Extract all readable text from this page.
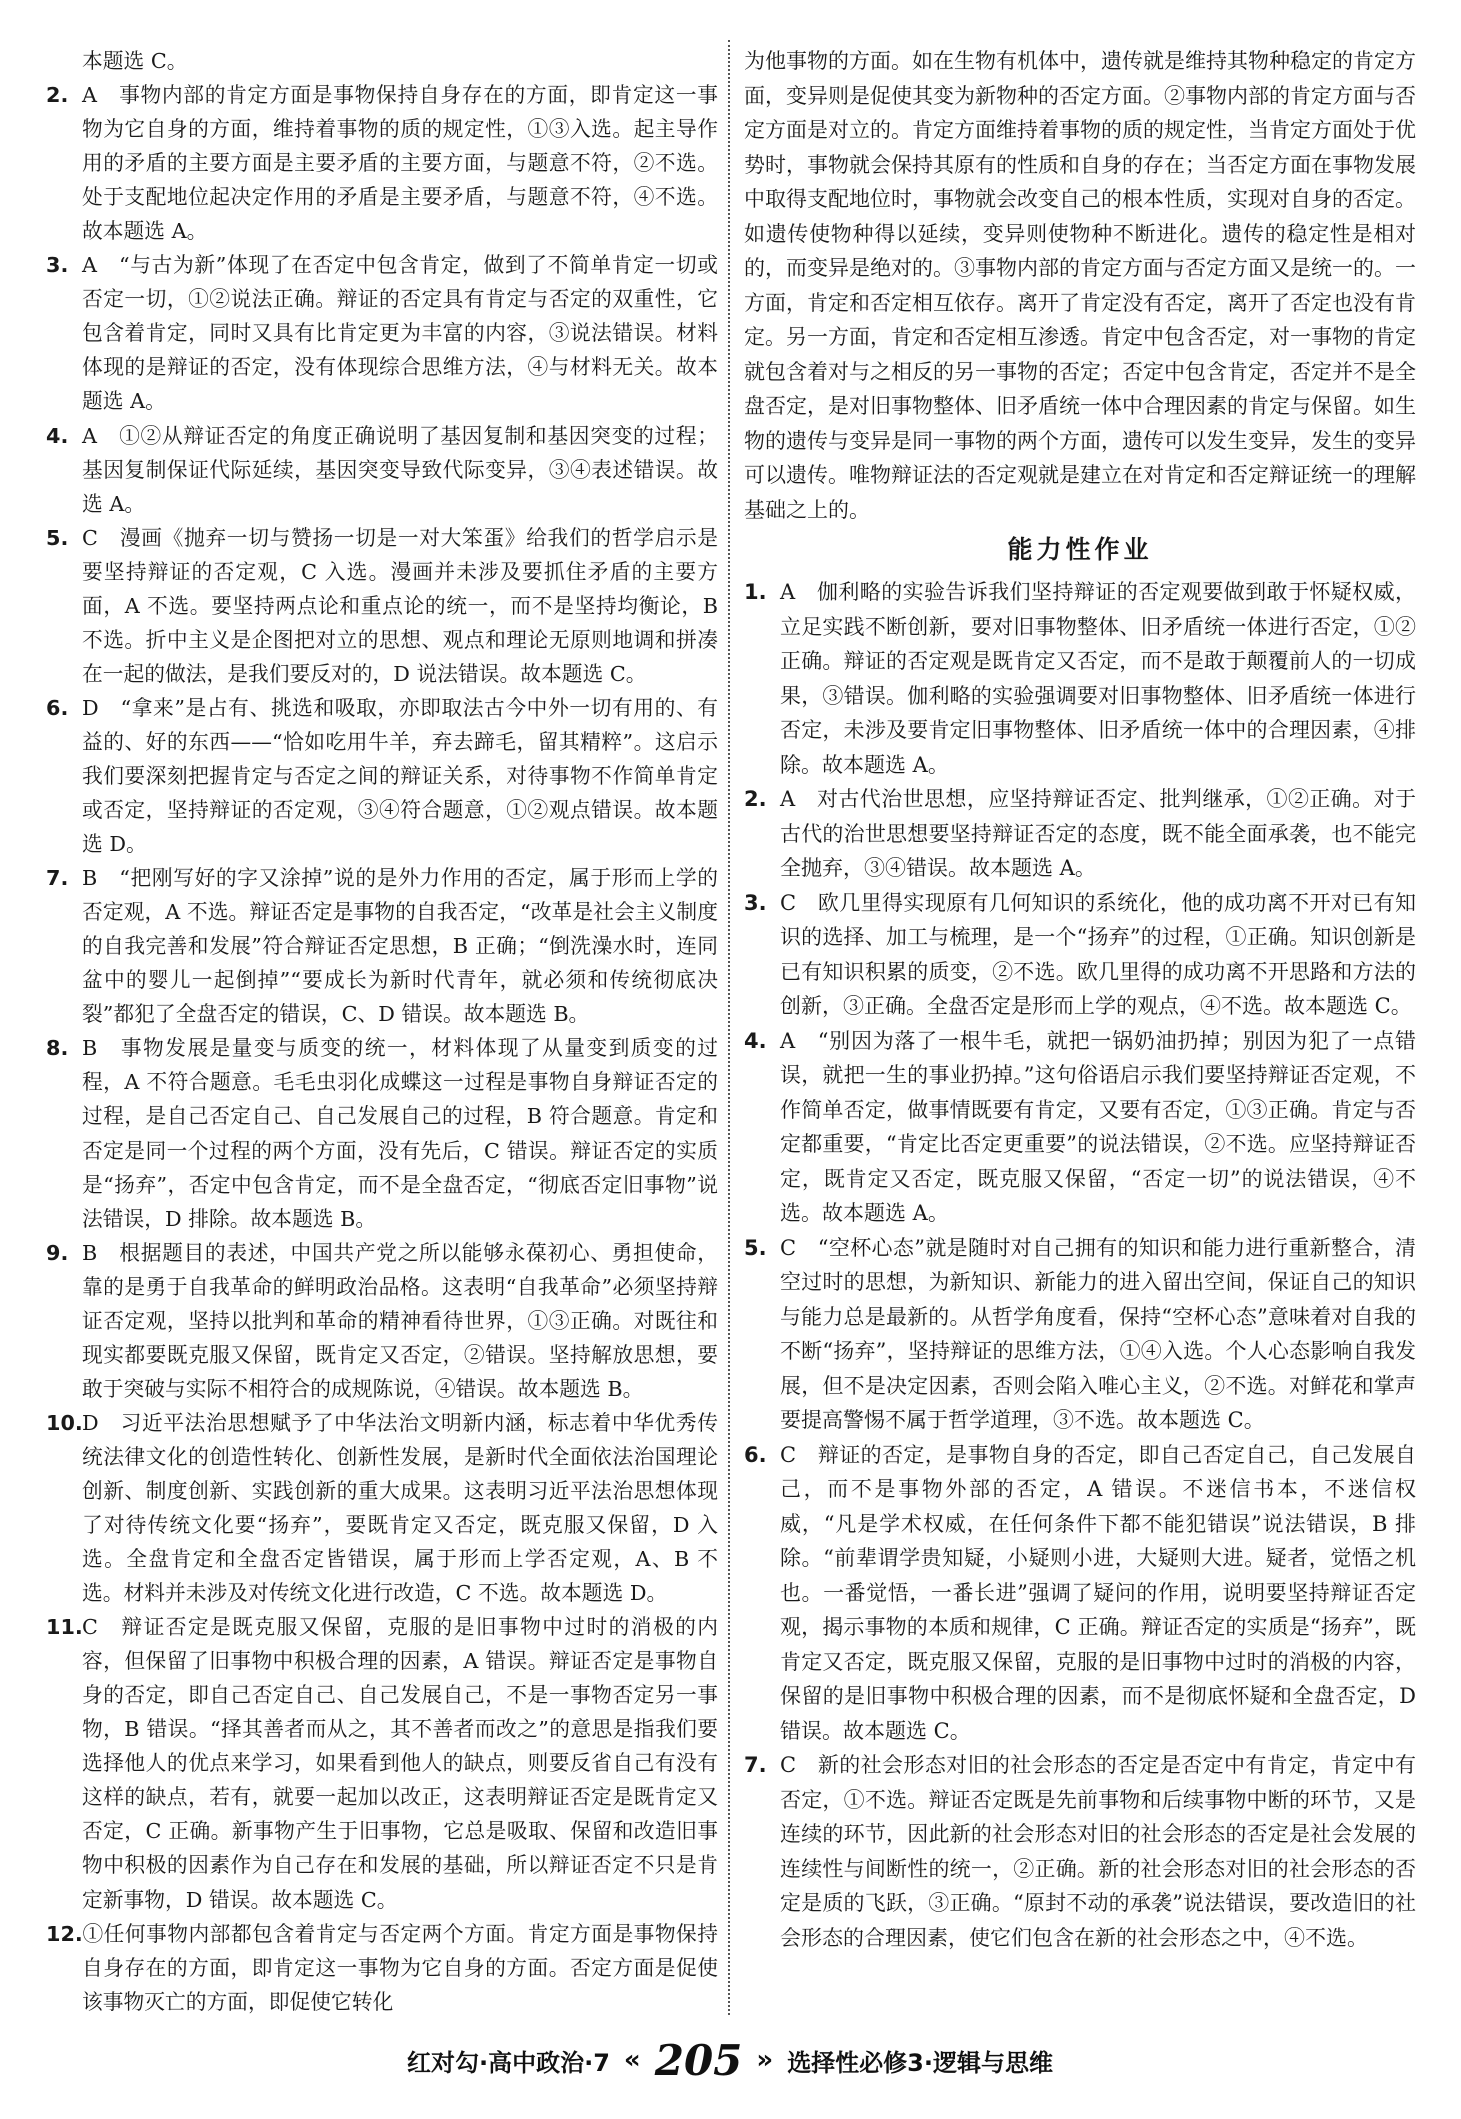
本题选 C。

2. A　事物内部的肯定方面是事物保持自身存在的方面，即肯定这一事物为它自身的方面，维持着事物的质的规定性，①③入选。起主导作用的矛盾的主要方面是主要矛盾的主要方面，与题意不符，②不选。处于支配地位起决定作用的矛盾是主要矛盾，与题意不符，④不选。故本题选 A。

3. A　“与古为新”体现了在否定中包含肯定，做到了不简单肯定一切或否定一切，①②说法正确。辩证的否定具有肯定与否定的双重性，它包含着肯定，同时又具有比肯定更为丰富的内容，③说法错误。材料体现的是辩证的否定，没有体现综合思维方法，④与材料无关。故本题选 A。

4. A　①②从辩证否定的角度正确说明了基因复制和基因突变的过程；基因复制保证代际延续，基因突变导致代际变异，③④表述错误。故选 A。

5. C　漫画《抛弃一切与赞扬一切是一对大笨蛋》给我们的哲学启示是要坚持辩证的否定观，C 入选。漫画并未涉及要抓住矛盾的主要方面，A 不选。要坚持两点论和重点论的统一，而不是坚持均衡论，B 不选。折中主义是企图把对立的思想、观点和理论无原则地调和拼凑在一起的做法，是我们要反对的，D 说法错误。故本题选 C。

6. D　“拿来”是占有、挑选和吸取，亦即取法古今中外一切有用的、有益的、好的东西——“恰如吃用牛羊，弃去蹄毛，留其精粹”。这启示我们要深刻把握肯定与否定之间的辩证关系，对待事物不作简单肯定或否定，坚持辩证的否定观，③④符合题意，①②观点错误。故本题选 D。

7. B　“把刚写好的字又涂掉”说的是外力作用的否定，属于形而上学的否定观，A 不选。辩证否定是事物的自我否定，“改革是社会主义制度的自我完善和发展”符合辩证否定思想，B 正确；“倒洗澡水时，连同盆中的婴儿一起倒掉”“要成长为新时代青年，就必须和传统彻底决裂”都犯了全盘否定的错误，C、D 错误。故本题选 B。

8. B　事物发展是量变与质变的统一，材料体现了从量变到质变的过程，A 不符合题意。毛毛虫羽化成蝶这一过程是事物自身辩证否定的过程，是自己否定自己、自己发展自己的过程，B 符合题意。肯定和否定是同一个过程的两个方面，没有先后，C 错误。辩证否定的实质是“扬弃”，否定中包含肯定，而不是全盘否定，“彻底否定旧事物”说法错误，D 排除。故本题选 B。

9. B　根据题目的表述，中国共产党之所以能够永葆初心、勇担使命，靠的是勇于自我革命的鲜明政治品格。这表明“自我革命”必须坚持辩证否定观，坚持以批判和革命的精神看待世界，①③正确。对既往和现实都要既克服又保留，既肯定又否定，②错误。坚持解放思想，要敢于突破与实际不相符合的成规陈说，④错误。故本题选 B。

10.D　习近平法治思想赋予了中华法治文明新内涵，标志着中华优秀传统法律文化的创造性转化、创新性发展，是新时代全面依法治国理论创新、制度创新、实践创新的重大成果。这表明习近平法治思想体现了对待传统文化要“扬弃”，要既肯定又否定，既克服又保留，D 入选。全盘肯定和全盘否定皆错误，属于形而上学否定观，A、B 不选。材料并未涉及对传统文化进行改造，C 不选。故本题选 D。

11.C　辩证否定是既克服又保留，克服的是旧事物中过时的消极的内容，但保留了旧事物中积极合理的因素，A 错误。辩证否定是事物自身的否定，即自己否定自己、自己发展自己，不是一事物否定另一事物，B 错误。“择其善者而从之，其不善者而改之”的意思是指我们要选择他人的优点来学习，如果看到他人的缺点，则要反省自己有没有这样的缺点，若有，就要一起加以改正，这表明辩证否定是既肯定又否定，C 正确。新事物产生于旧事物，它总是吸取、保留和改造旧事物中积极的因素作为自己存在和发展的基础，所以辩证否定不只是肯定新事物，D 错误。故本题选 C。

12.①任何事物内部都包含着肯定与否定两个方面。肯定方面是事物保持自身存在的方面，即肯定这一事物为它自身的方面。否定方面是促使该事物灭亡的方面，即促使它转化

为他事物的方面。如在生物有机体中，遗传就是维持其物种稳定的肯定方面，变异则是促使其变为新物种的否定方面。②事物内部的肯定方面与否定方面是对立的。肯定方面维持着事物的质的规定性，当肯定方面处于优势时，事物就会保持其原有的性质和自身的存在；当否定方面在事物发展中取得支配地位时，事物就会改变自己的根本性质，实现对自身的否定。如遗传使物种得以延续，变异则使物种不断进化。遗传的稳定性是相对的，而变异是绝对的。③事物内部的肯定方面与否定方面又是统一的。一方面，肯定和否定相互依存。离开了肯定没有否定，离开了否定也没有肯定。另一方面，肯定和否定相互渗透。肯定中包含否定，对一事物的肯定就包含着对与之相反的另一事物的否定；否定中包含肯定，否定并不是全盘否定，是对旧事物整体、旧矛盾统一体中合理因素的肯定与保留。如生物的遗传与变异是同一事物的两个方面，遗传可以发生变异，发生的变异可以遗传。唯物辩证法的否定观就是建立在对肯定和否定辩证统一的理解基础之上的。

能力性作业

1. A　伽利略的实验告诉我们坚持辩证的否定观要做到敢于怀疑权威，立足实践不断创新，要对旧事物整体、旧矛盾统一体进行否定，①②正确。辩证的否定观是既肯定又否定，而不是敢于颠覆前人的一切成果，③错误。伽利略的实验强调要对旧事物整体、旧矛盾统一体进行否定，未涉及要肯定旧事物整体、旧矛盾统一体中的合理因素，④排除。故本题选 A。

2. A　对古代治世思想，应坚持辩证否定、批判继承，①②正确。对于古代的治世思想要坚持辩证否定的态度，既不能全面承袭，也不能完全抛弃，③④错误。故本题选 A。

3. C　欧几里得实现原有几何知识的系统化，他的成功离不开对已有知识的选择、加工与梳理，是一个“扬弃”的过程，①正确。知识创新是已有知识积累的质变，②不选。欧几里得的成功离不开思路和方法的创新，③正确。全盘否定是形而上学的观点，④不选。故本题选 C。

4. A　“别因为落了一根牛毛，就把一锅奶油扔掉；别因为犯了一点错误，就把一生的事业扔掉。”这句俗语启示我们要坚持辩证否定观，不作简单否定，做事情既要有肯定，又要有否定，①③正确。肯定与否定都重要，“肯定比否定更重要”的说法错误，②不选。应坚持辩证否定，既肯定又否定，既克服又保留，“否定一切”的说法错误，④不选。故本题选 A。

5. C　“空杯心态”就是随时对自己拥有的知识和能力进行重新整合，清空过时的思想，为新知识、新能力的进入留出空间，保证自己的知识与能力总是最新的。从哲学角度看，保持“空杯心态”意味着对自我的不断“扬弃”，坚持辩证的思维方法，①④入选。个人心态影响自我发展，但不是决定因素，否则会陷入唯心主义，②不选。对鲜花和掌声要提高警惕不属于哲学道理，③不选。故本题选 C。

6. C　辩证的否定，是事物自身的否定，即自己否定自己，自己发展自己，而不是事物外部的否定，A 错误。不迷信书本，不迷信权威，“凡是学术权威，在任何条件下都不能犯错误”说法错误，B 排除。“前辈谓学贵知疑，小疑则小进，大疑则大进。疑者，觉悟之机也。一番觉悟，一番长进”强调了疑问的作用，说明要坚持辩证否定观，揭示事物的本质和规律，C 正确。辩证否定的实质是“扬弃”，既肯定又否定，既克服又保留，克服的是旧事物中过时的消极的内容，保留的是旧事物中积极合理的因素，而不是彻底怀疑和全盘否定，D 错误。故本题选 C。

7. C　新的社会形态对旧的社会形态的否定是否定中有肯定，肯定中有否定，①不选。辩证否定既是先前事物和后续事物中断的环节，又是连续的环节，因此新的社会形态对旧的社会形态的否定是社会发展的连续性与间断性的统一，②正确。新的社会形态对旧的社会形态的否定是质的飞跃，③正确。“原封不动的承袭”说法错误，要改造旧的社会形态的合理因素，使它们包含在新的社会形态之中，④不选。

红对勾·高中政治·7 « 205 » 选择性必修3·逻辑与思维
